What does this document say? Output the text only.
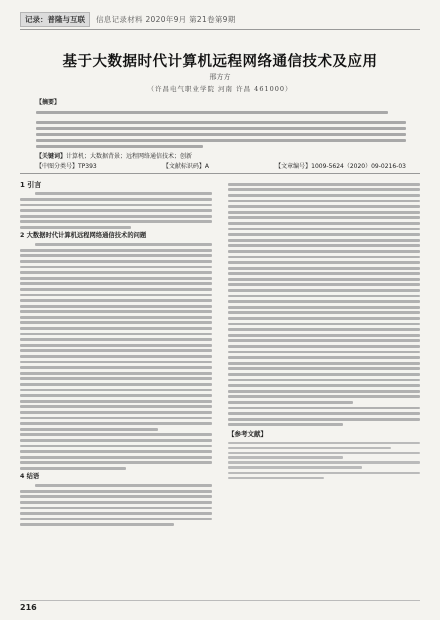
记录：普隆与互联	信息记录材料 2020年9月 第21卷第9期
基于大数据时代计算机远程网络通信技术及应用
邢方方
（许昌电气职业学院 河南 许昌 461000）
【摘要】
【关键词】计算机；大数据背景；远程网络通信技术；创新
【中图分类号】TP393	【文献标识码】A	【文章编号】1009-5624（2020）09-0216-03
1 引言
2 大数据时代计算机远程网络通信技术的问题
4 结语
【参考文献】
216
